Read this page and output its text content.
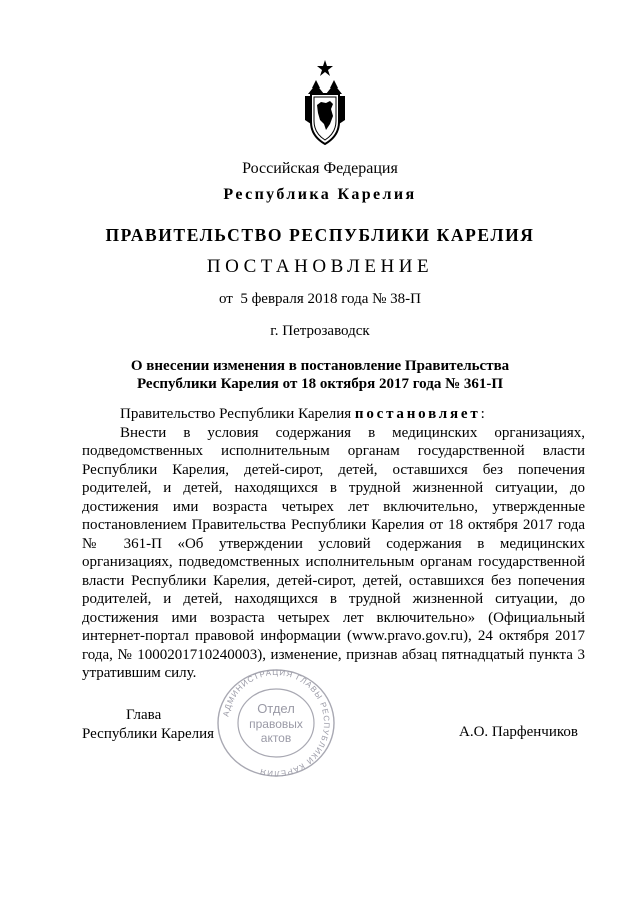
Российская Федерация
Республика Карелия
ПРАВИТЕЛЬСТВО РЕСПУБЛИКИ КАРЕЛИЯ
ПОСТАНОВЛЕНИЕ
от  5 февраля 2018 года № 38-П
г. Петрозаводск
О внесении изменения в постановление Правительства
Республики Карелия от 18 октября 2017 года № 361-П

Правительство Республики Карелия постановляет:

Внести в условия содержания в медицинских организациях, подведомственных исполнительным органам государственной власти Республики Карелия, детей-сирот, детей, оставшихся без попечения родителей, и детей, находящихся в трудной жизненной ситуации, до достижения ими возраста четырех лет включительно, утвержденные постановлением Правительства Республики Карелия от 18 октября 2017 года № 361-П «Об утверждении условий содержания в медицинских организациях, подведомственных исполнительным органам государственной власти Республики Карелия, детей-сирот, детей, оставшихся без попечения родителей, и детей, находящихся в трудной жизненной ситуации, до достижения ими возраста четырех лет включительно» (Официальный интернет-портал правовой информации (www.pravo.gov.ru), 24 октября 2017 года, № 1000201710240003), изменение, признав абзац пятнадцатый пункта 3 утратившим силу.

АДМИНИСТРАЦИЯ ГЛАВЫ РЕСПУБЛИКИ КАРЕЛИЯ
Отдел
правовых
актов
Глава
Республики Карелия	А.О. Парфенчиков
